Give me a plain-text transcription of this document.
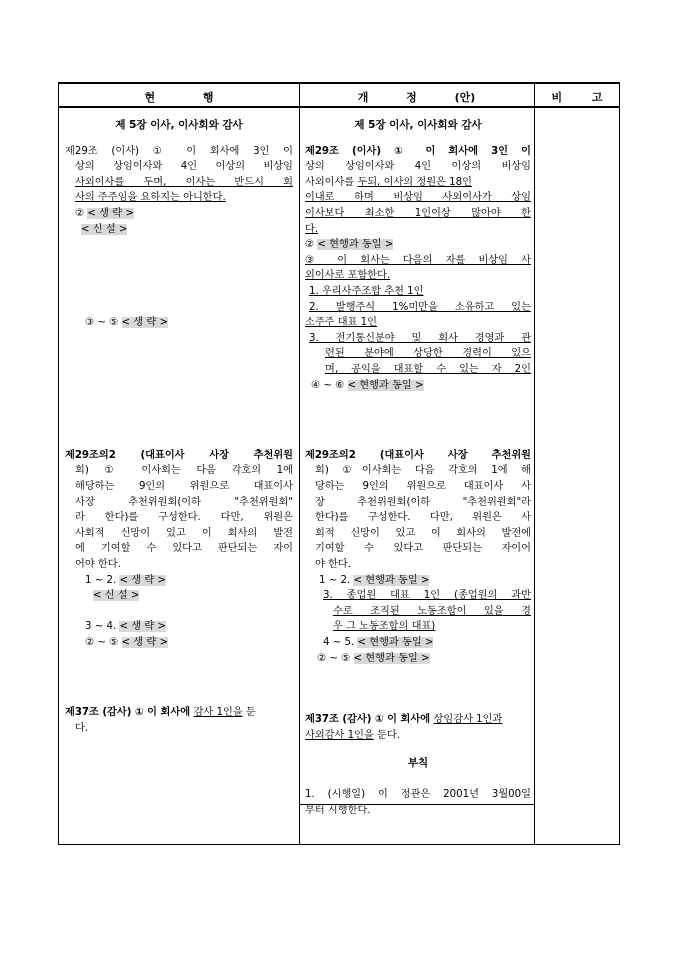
현 행	개 정 (안)	비 고
제 5장 이사, 이사회와 감사
제29조 (이사) ① 이 회사에 3인 이
상의 상임이사와 4인 이상의 비상임
사외이사를 두며, 이사는 반드시 회
사의 주주임을 요하지는 아니한다.
② < 생 략 >
< 신 설 >
③ ~ ⑤ < 생 략 >
제29조의2 (대표이사 사장 추천위원
회) ① 이사회는 다음 각호의 1에
해당하는 9인의 위원으로 대표이사
사장 추천위원회(이하 "추천위원회"
라 한다)를 구성한다. 다만, 위원은
사회적 신망이 있고 이 회사의 발전
에 기여할 수 있다고 판단되는 자이
어야 한다.
1 ~ 2. < 생 략 >
< 신 설 >
3 ~ 4. < 생 략 >
② ~ ⑤ < 생 략 >
제37조 (감사) ① 이 회사에 감사 1인을 둔
다.
제 5장 이사, 이사회와 감사
제29조 (이사) ① 이 회사에 3인 이
상의 상임이사와 4인 이상의 비상임
사외이사를 두되, 이사의 정원은 18인
이내로 하며 비상임 사외이사가 상임
이사보다 최소한 1인이상 많아야 한
다.
② < 현행과 동일 >
③ 이 회사는 다음의 자를 비상임 사
외이사로 포함한다.
1. 우리사주조합 추천 1인
2. 발행주식 1%미만을 소유하고 있는
소주주 대표 1인
3. 전기통신분야 및 회사 경영과 관
련된 분야에 상당한 경력이 있으
며, 공익을 대표할 수 있는 자 2인
④ ~ ⑥ < 현행과 동일 >
제29조의2 (대표이사 사장 추천위원
회) ①이사회는 다음 각호의 1에 해
당하는 9인의 위원으로 대표이사 사
장 추천위원회(이하 "추천위원회"라
한다)를 구성한다. 다만, 위원은 사
회적 신망이 있고 이 회사의 발전에
기여할 수 있다고 판단되는 자이어
야 한다.
1 ~ 2. < 현행과 동일 >
3. 종업원 대표 1인 (종업원의 과반
수로 조직된 노동조합이 있을 경
우 그 노동조합의 대표)
4 ~ 5. < 현행과 동일 >
② ~ ⑤ < 현행과 동일 >
제37조 (감사) ① 이 회사에 상임감사 1인과
사외감사 1인을 둔다.
부칙
1. (시행일) 이 정관은 2001년 3월00일
부터 시행한다.
